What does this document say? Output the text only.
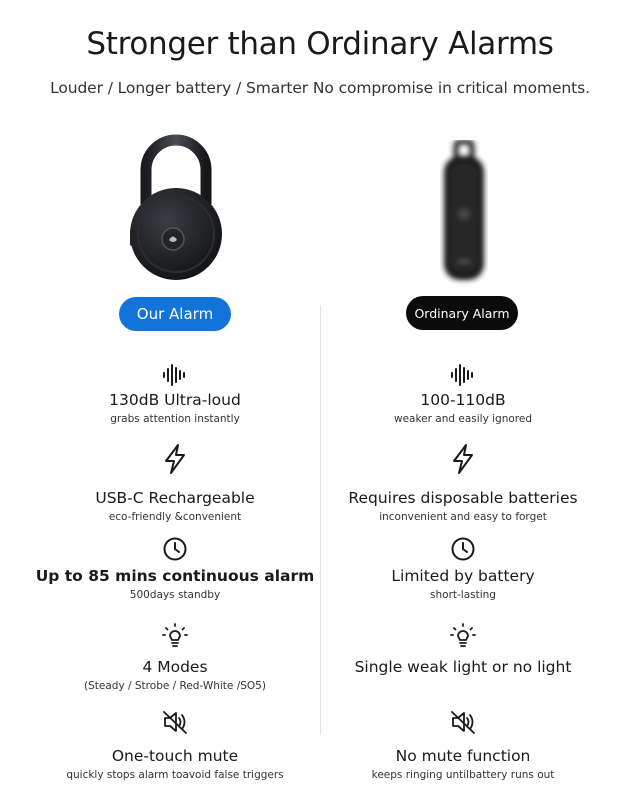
Stronger than Ordinary Alarms

Louder / Longer battery / Smarter No compromise in critical moments.

Our Alarm	Ordinary Alarm
130dB Ultra-loud
grabs attention instantly
USB-C Rechargeable
eco-friendly &convenient
Up to 85 mins continuous alarm
500days standby
4 Modes
(Steady / Strobe / Red-White /SO5)
One-touch mute
quickly stops alarm toavoid false triggers
100-110dB
weaker and easily ignored
Requires disposable batteries
inconvenient and easy to forget
Limited by battery
short-lasting
Single weak light or no light
No mute function
keeps ringing untilbattery runs out
